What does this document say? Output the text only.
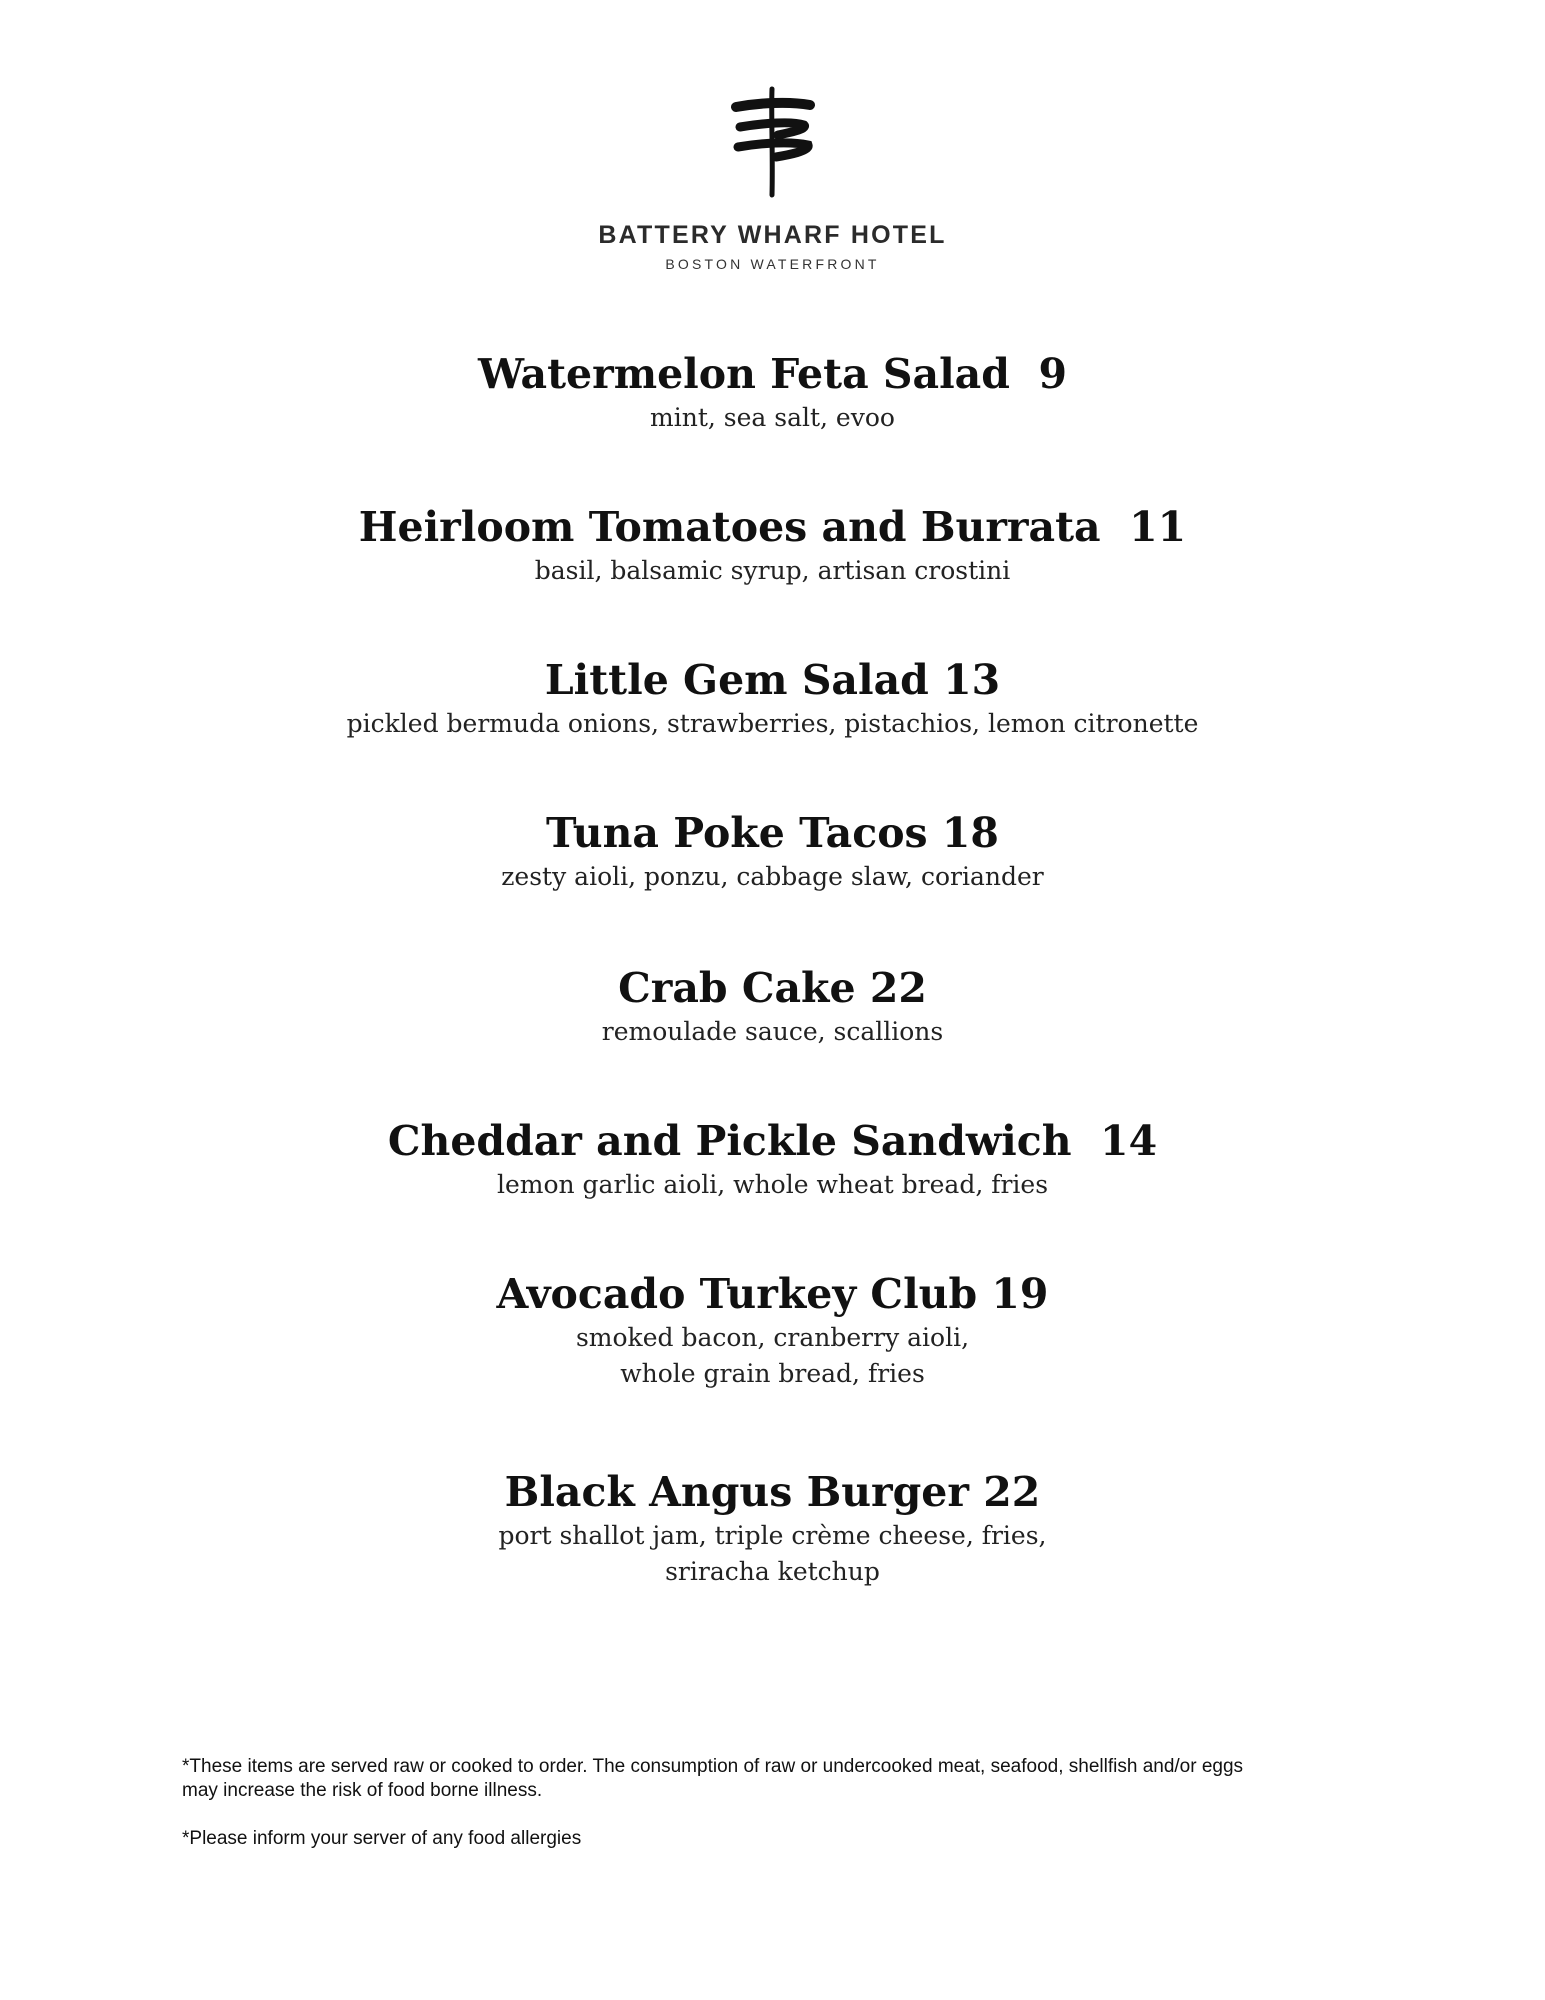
BATTERY WHARF HOTEL
BOSTON WATERFRONT
Watermelon Feta Salad  9
mint, sea salt, evoo
Heirloom Tomatoes and Burrata  11
basil, balsamic syrup, artisan crostini
Little Gem Salad 13
pickled bermuda onions, strawberries, pistachios, lemon citronette
Tuna Poke Tacos 18
zesty aioli, ponzu, cabbage slaw, coriander
Crab Cake 22
remoulade sauce, scallions
Cheddar and Pickle Sandwich  14
lemon garlic aioli, whole wheat bread, fries
Avocado Turkey Club 19
smoked bacon, cranberry aioli,
whole grain bread, fries
Black Angus Burger 22
port shallot jam, triple crème cheese, fries,
sriracha ketchup

*These items are served raw or cooked to order. The consumption of raw or undercooked meat, seafood, shellfish and/or eggs

may increase the risk of food borne illness.

*Please inform your server of any food allergies
